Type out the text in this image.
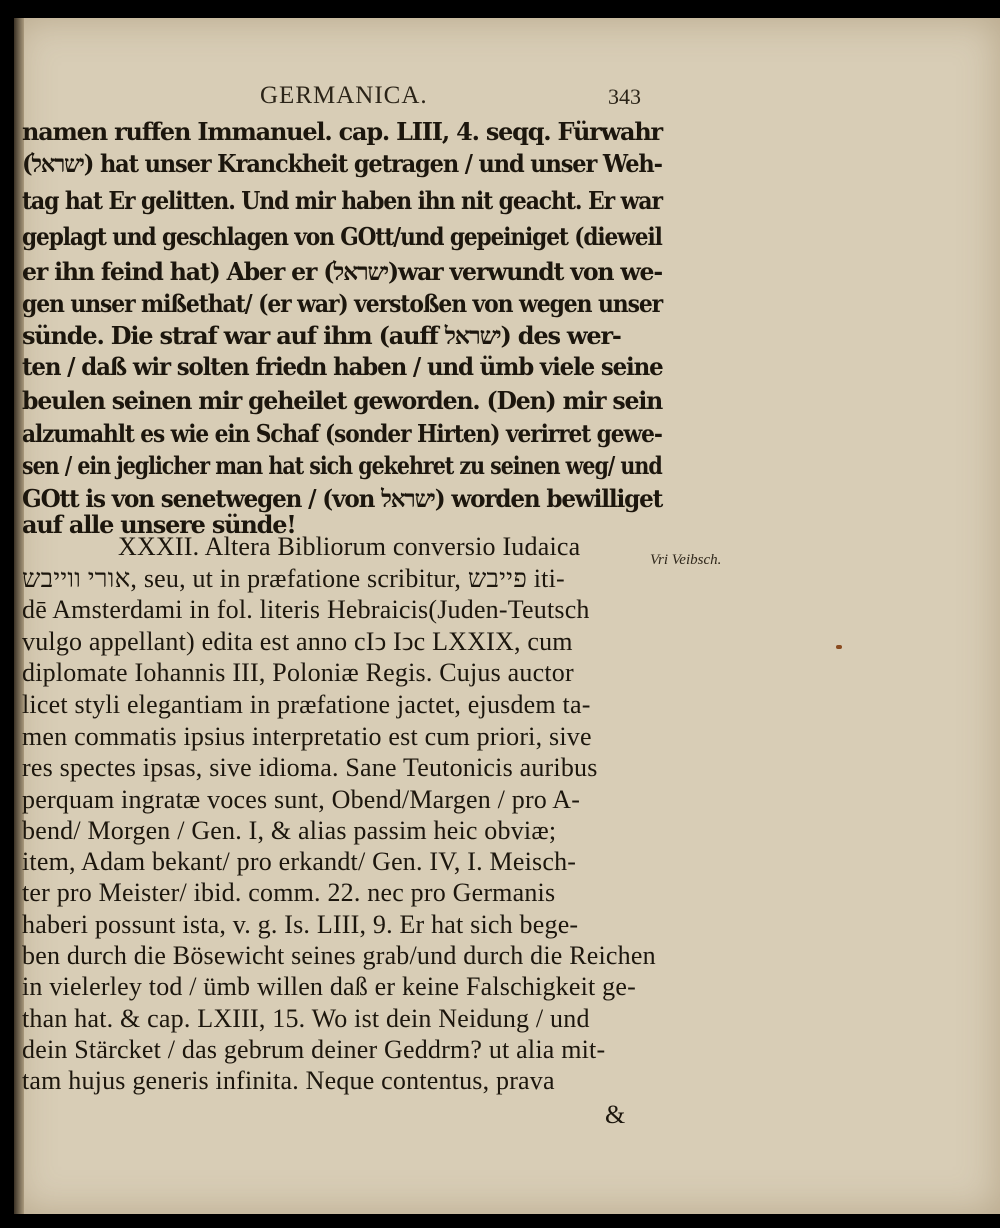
GERMANICA.	343
namen ruffen Immanuel. cap. LIII, 4. seqq. Fürwahr
(ישראל) hat unser Kranckheit getragen / und unser Weh-
tag hat Er gelitten. Und mir haben ihn nit geacht. Er war
geplagt und geschlagen von GOtt/und gepeiniget (dieweil
er ihn feind hat) Aber er (ישראל)war verwundt von we-
gen unser mißethat/ (er war) verstoßen von wegen unser
sünde. Die straf war auf ihm (auff ישראל) des wer-
ten / daß wir solten friedn haben / und ümb viele seine
beulen seinen mir geheilet geworden. (Den) mir sein
alzumahlt es wie ein Schaf (sonder Hirten) verirret gewe-
sen / ein jeglicher man hat sich gekehret zu seinen weg/ und
GOtt is von senetwegen / (von ישראל) worden bewilliget
auf alle unsere sünde!
XXXII. Altera Bibliorum conversio Iudaica
אורי ווייבש, seu, ut in præfatione scribitur, פייבש iti-
dē Amsterdami in fol. literis Hebraicis(Juden-Teutsch
vulgo appellant) edita est anno cIↄ Iↄc LXXIX, cum
diplomate Iohannis III, Poloniæ Regis. Cujus auctor
licet styli elegantiam in præfatione jactet, ejusdem ta-
men commatis ipsius interpretatio est cum priori, sive
res spectes ipsas, sive idioma. Sane Teutonicis auribus
perquam ingratæ voces sunt, Obend/Margen / pro A-
bend/ Morgen / Gen. I, & alias passim heic obviæ;
item, Adam bekant/ pro erkandt/ Gen. IV, I. Meisch-
ter pro Meister/ ibid. comm. 22. nec pro Germanis
haberi possunt ista, v. g. Is. LIII, 9. Er hat sich bege-
ben durch die Bösewicht seines grab/und durch die Reichen
in vielerley tod / ümb willen daß er keine Falschigkeit ge-
than hat. & cap. LXIII, 15. Wo ist dein Neidung / und
dein Stärcket / das gebrum deiner Geddrm? ut alia mit-
tam hujus generis infinita. Neque contentus, prava
Vri Veibsch.
&
